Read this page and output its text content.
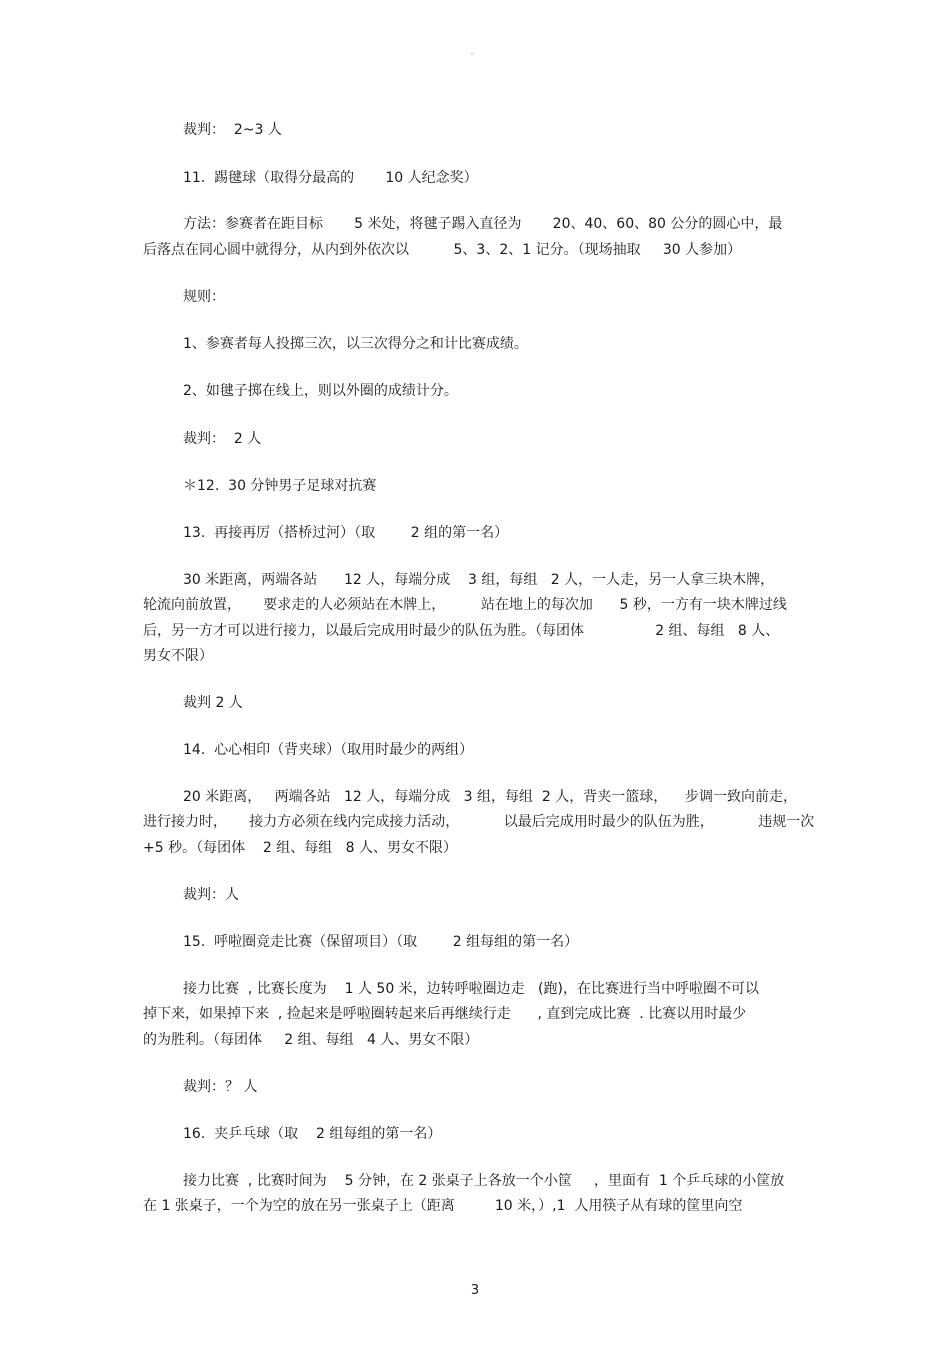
。
裁判：  2~3 人
11.  踢毽球（取得分最高的       10 人纪念奖）
方法：参赛者在距目标       5 米处，将毽子踢入直径为       20、40、60、80 公分的圆心中，最
后落点在同心圆中就得分，从内到外依次以          5、3、2、1 记分。（现场抽取     30 人参加）
规则：
1、参赛者每人投掷三次，以三次得分之和计比赛成绩。
2、如毽子掷在线上，则以外圈的成绩计分。
裁判：  2 人
＊12.  30 分钟男子足球对抗赛
13.  再接再厉（搭桥过河）（取        2 组的第一名）
30 米距离，两端各站      12 人，每端分成    3 组，每组   2 人，一人走，另一人拿三块木牌，
轮流向前放置，     要求走的人必须站在木牌上，        站在地上的每次加      5 秒，一方有一块木牌过线
后，另一方才可以进行接力，以最后完成用时最少的队伍为胜。（每团体                2 组、每组   8 人、
男女不限）
裁判 2 人
14.  心心相印（背夹球）（取用时最少的两组）
20 米距离，   两端各站   12 人，每端分成   3 组，每组  2 人，背夹一篮球，    步调一致向前走，
进行接力时，     接力方必须在线内完成接力活动，          以最后完成用时最少的队伍为胜，          违规一次
+5 秒。（每团体    2 组、每组   8 人、男女不限）
裁判：人
15.  呼啦圈竞走比赛（保留项目）（取        2 组每组的第一名）
接力比赛  , 比赛长度为    1 人 50 米，边转呼啦圈边走   (跑)，在比赛进行当中呼啦圈不可以
掉下来，如果掉下来  , 捡起来是呼啦圈转起来后再继续行走      , 直到完成比赛  . 比赛以用时最少
的为胜利。（每团体     2 组、每组   4 人、男女不限）
裁判：？ 人
16.  夹乒乓球（取    2 组每组的第一名）
接力比赛  , 比赛时间为    5 分钟，在 2 张桌子上各放一个小筐     ，里面有  1 个乒乓球的小筐放
在 1 张桌子，一个为空的放在另一张桌子上（距离         10 米，）,1  人用筷子从有球的筐里向空
3
